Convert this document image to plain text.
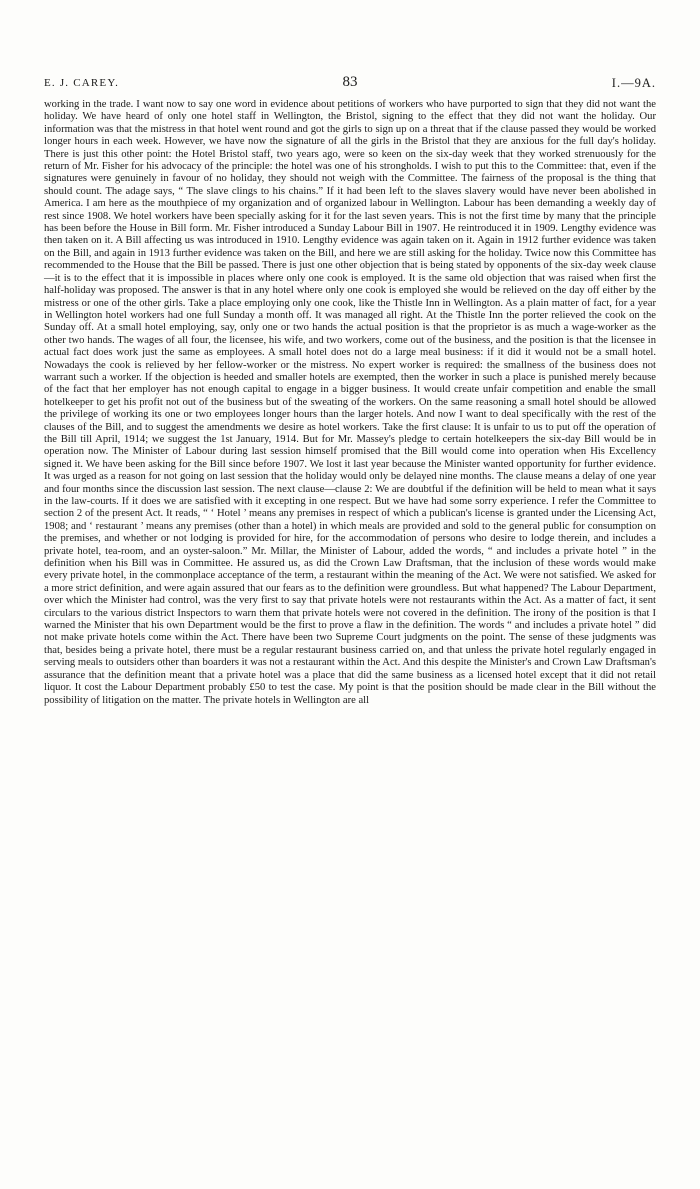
E. J. CAREY.	83	I.—9A.

working in the trade. I want now to say one word in evidence about petitions of workers who have purported to sign that they did not want the holiday. We have heard of only one hotel staff in Wellington, the Bristol, signing to the effect that they did not want the holiday. Our information was that the mistress in that hotel went round and got the girls to sign up on a threat that if the clause passed they would be worked longer hours in each week. However, we have now the signature of all the girls in the Bristol that they are anxious for the full day's holiday. There is just this other point: the Hotel Bristol staff, two years ago, were so keen on the six-day week that they worked strenuously for the return of Mr. Fisher for his advocacy of the principle: the hotel was one of his strongholds. I wish to put this to the Committee: that, even if the signatures were genuinely in favour of no holiday, they should not weigh with the Committee. The fairness of the proposal is the thing that should count. The adage says, “ The slave clings to his chains.” If it had been left to the slaves slavery would have never been abolished in America. I am here as the mouthpiece of my organization and of organized labour in Wellington. Labour has been demanding a weekly day of rest since 1908. We hotel workers have been specially asking for it for the last seven years. This is not the first time by many that the principle has been before the House in Bill form. Mr. Fisher introduced a Sunday Labour Bill in 1907. He reintroduced it in 1909. Lengthy evidence was then taken on it. A Bill affecting us was introduced in 1910. Lengthy evidence was again taken on it. Again in 1912 further evidence was taken on the Bill, and again in 1913 further evidence was taken on the Bill, and here we are still asking for the holiday. Twice now this Committee has recommended to the House that the Bill be passed. There is just one other objection that is being stated by opponents of the six-day week clause—it is to the effect that it is impossible in places where only one cook is employed. It is the same old objection that was raised when first the half-holiday was proposed. The answer is that in any hotel where only one cook is employed she would be relieved on the day off either by the mistress or one of the other girls. Take a place employing only one cook, like the Thistle Inn in Wellington. As a plain matter of fact, for a year in Wellington hotel workers had one full Sunday a month off. It was managed all right. At the Thistle Inn the porter relieved the cook on the Sunday off. At a small hotel employing, say, only one or two hands the actual position is that the proprietor is as much a wage-worker as the other two hands. The wages of all four, the licensee, his wife, and two workers, come out of the business, and the position is that the licensee in actual fact does work just the same as employees. A small hotel does not do a large meal business: if it did it would not be a small hotel. Nowadays the cook is relieved by her fellow-worker or the mistress. No expert worker is required: the smallness of the business does not warrant such a worker. If the objection is heeded and smaller hotels are exempted, then the worker in such a place is punished merely because of the fact that her employer has not enough capital to engage in a bigger business. It would create unfair competition and enable the small hotelkeeper to get his profit not out of the business but of the sweating of the workers. On the same reasoning a small hotel should be allowed the privilege of working its one or two employees longer hours than the larger hotels. And now I want to deal specifically with the rest of the clauses of the Bill, and to suggest the amendments we desire as hotel workers. Take the first clause: It is unfair to us to put off the operation of the Bill till April, 1914; we suggest the 1st January, 1914. But for Mr. Massey's pledge to certain hotelkeepers the six-day Bill would be in operation now. The Minister of Labour during last session himself promised that the Bill would come into operation when His Excellency signed it. We have been asking for the Bill since before 1907. We lost it last year because the Minister wanted opportunity for further evidence. It was urged as a reason for not going on last session that the holiday would only be delayed nine months. The clause means a delay of one year and four months since the discussion last session. The next clause—clause 2: We are doubtful if the definition will be held to mean what it says in the law-courts. If it does we are satisfied with it excepting in one respect. But we have had some sorry experience. I refer the Committee to section 2 of the present Act. It reads, “ ‘ Hotel ’ means any premises in respect of which a publican's license is granted under the Licensing Act, 1908; and ‘ restaurant ’ means any premises (other than a hotel) in which meals are provided and sold to the general public for consumption on the premises, and whether or not lodging is provided for hire, for the accommodation of persons who desire to lodge therein, and includes a private hotel, tea-room, and an oyster-saloon.” Mr. Millar, the Minister of Labour, added the words, “ and includes a private hotel ” in the definition when his Bill was in Committee. He assured us, as did the Crown Law Draftsman, that the inclusion of these words would make every private hotel, in the commonplace acceptance of the term, a restaurant within the meaning of the Act. We were not satisfied. We asked for a more strict definition, and were again assured that our fears as to the definition were groundless. But what happened? The Labour Department, over which the Minister had control, was the very first to say that private hotels were not restaurants within the Act. As a matter of fact, it sent circulars to the various district Inspectors to warn them that private hotels were not covered in the definition. The irony of the position is that I warned the Minister that his own Department would be the first to prove a flaw in the definition. The words “ and includes a private hotel ” did not make private hotels come within the Act. There have been two Supreme Court judgments on the point. The sense of these judgments was that, besides being a private hotel, there must be a regular restaurant business carried on, and that unless the private hotel regularly engaged in serving meals to outsiders other than boarders it was not a restaurant within the Act. And this despite the Minister's and Crown Law Draftsman's assurance that the definition meant that a private hotel was a place that did the same business as a licensed hotel except that it did not retail liquor. It cost the Labour Department probably £50 to test the case. My point is that the position should be made clear in the Bill without the possibility of litigation on the matter. The private hotels in Wellington are all
